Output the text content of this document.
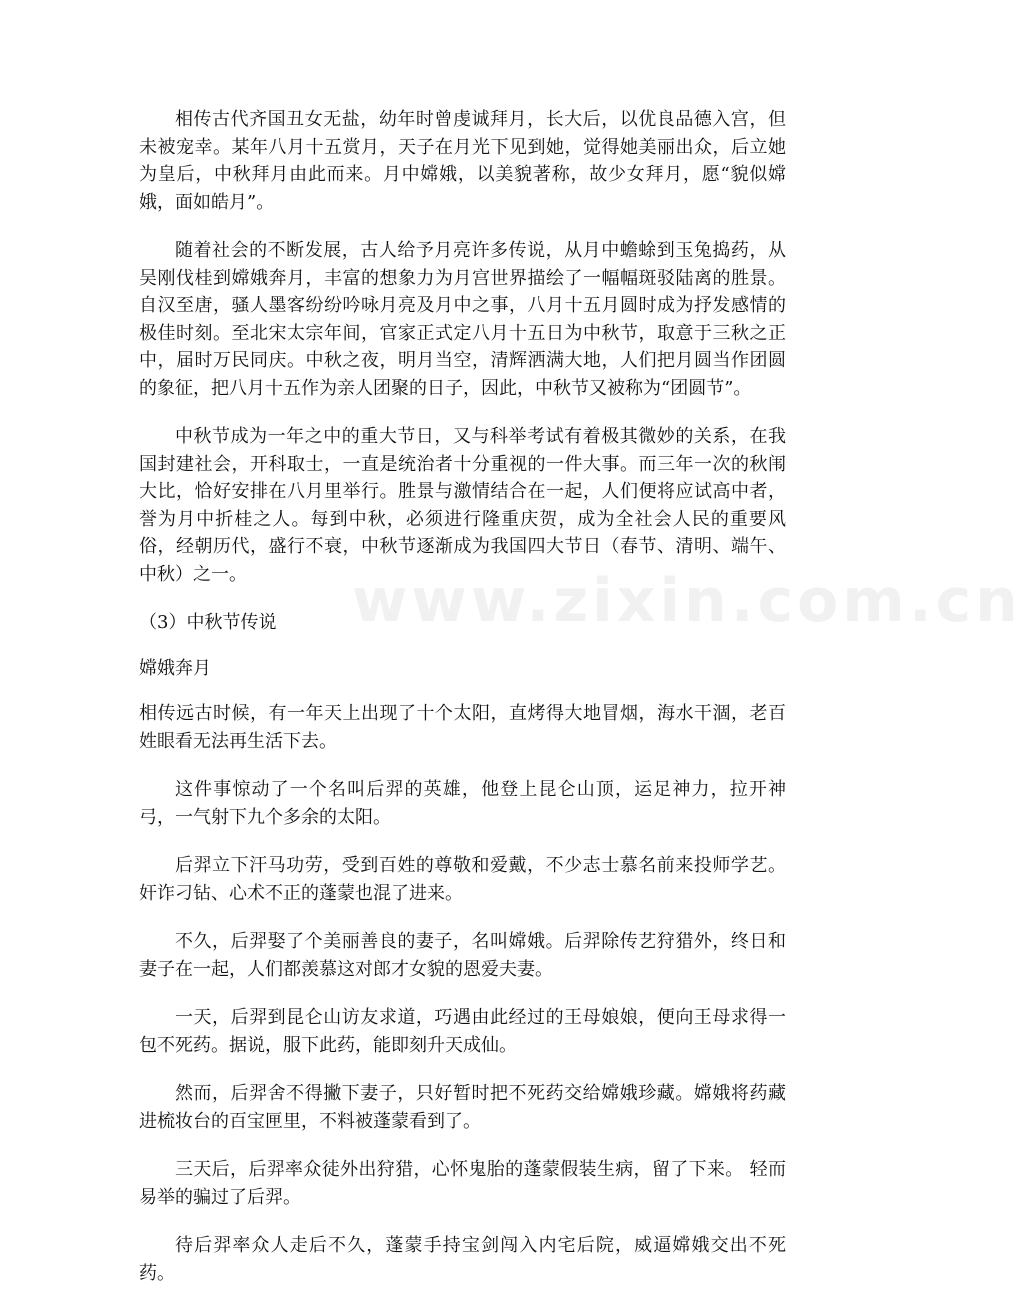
www.zixin.com.cn

相传古代齐国丑女无盐，幼年时曾虔诚拜月，长大后，以优良品德入宫，但未被宠幸。某年八月十五赏月，天子在月光下见到她，觉得她美丽出众，后立她为皇后，中秋拜月由此而来。月中嫦娥，以美貌著称，故少女拜月，愿“貌似嫦娥，面如皓月”。

随着社会的不断发展，古人给予月亮许多传说，从月中蟾蜍到玉兔捣药，从吴刚伐桂到嫦娥奔月，丰富的想象力为月宫世界描绘了一幅幅斑驳陆离的胜景。自汉至唐，骚人墨客纷纷吟咏月亮及月中之事，八月十五月圆时成为抒发感情的极佳时刻。至北宋太宗年间，官家正式定八月十五日为中秋节，取意于三秋之正中，届时万民同庆。中秋之夜，明月当空，清辉洒满大地，人们把月圆当作团圆的象征，把八月十五作为亲人团聚的日子，因此，中秋节又被称为“团圆节”。

中秋节成为一年之中的重大节日，又与科举考试有着极其微妙的关系，在我国封建社会，开科取士，一直是统治者十分重视的一件大事。而三年一次的秋闱大比，恰好安排在八月里举行。胜景与激情结合在一起，人们便将应试高中者，誉为月中折桂之人。每到中秋，必须进行隆重庆贺，成为全社会人民的重要风俗，经朝历代，盛行不衰，中秋节逐渐成为我国四大节日（春节、清明、端午、中秋）之一。

（3）中秋节传说

嫦娥奔月

相传远古时候，有一年天上出现了十个太阳，直烤得大地冒烟，海水干涸，老百姓眼看无法再生活下去。

这件事惊动了一个名叫后羿的英雄，他登上昆仑山顶，运足神力，拉开神弓，一气射下九个多余的太阳。

后羿立下汗马功劳，受到百姓的尊敬和爱戴，不少志士慕名前来投师学艺。奸诈刁钻、心术不正的蓬蒙也混了进来。

不久，后羿娶了个美丽善良的妻子，名叫嫦娥。后羿除传艺狩猎外，终日和妻子在一起，人们都羡慕这对郎才女貌的恩爱夫妻。

一天，后羿到昆仑山访友求道，巧遇由此经过的王母娘娘，便向王母求得一包不死药。据说，服下此药，能即刻升天成仙。

然而，后羿舍不得撇下妻子，只好暂时把不死药交给嫦娥珍藏。嫦娥将药藏进梳妆台的百宝匣里，不料被蓬蒙看到了。

三天后，后羿率众徒外出狩猎，心怀鬼胎的蓬蒙假装生病，留了下来。 轻而易举的骗过了后羿。

待后羿率众人走后不久，蓬蒙手持宝剑闯入内宅后院，威逼嫦娥交出不死药。
